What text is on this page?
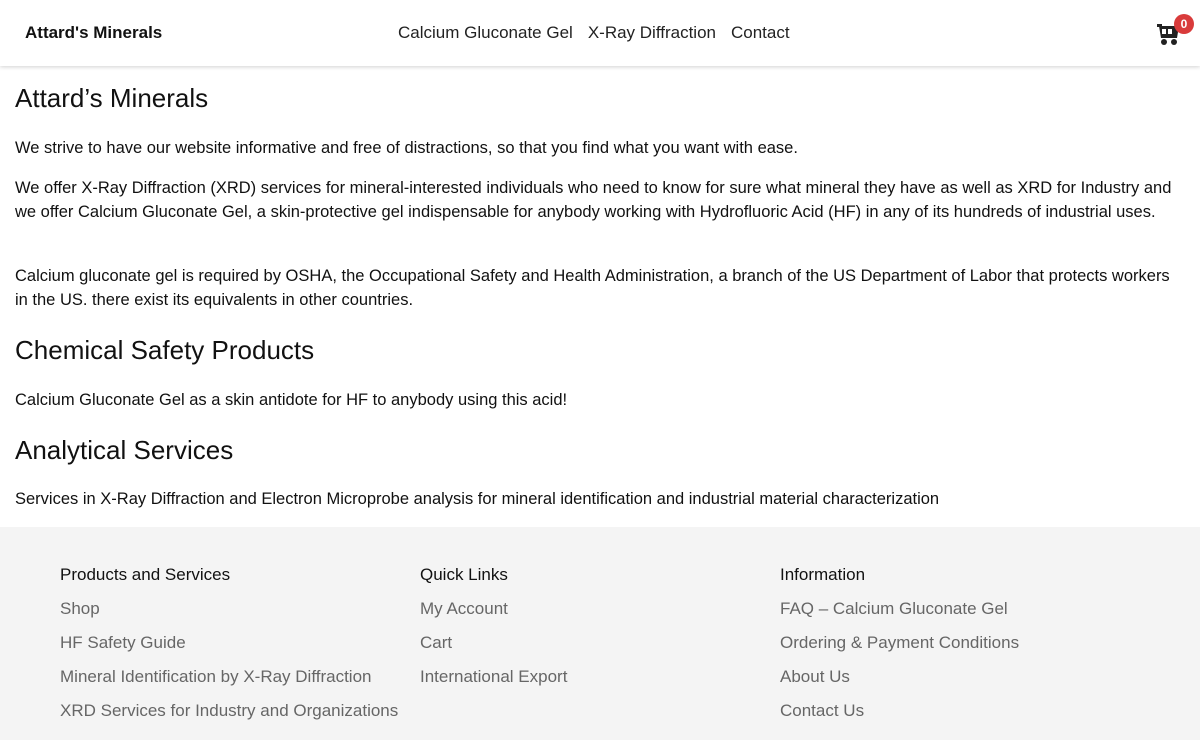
Attard's Minerals	Calcium Gluconate Gel X-Ray Diffraction Contact	0
Attard’s Minerals

We strive to have our website informative and free of distractions, so that you find what you want with ease.

We offer X-Ray Diffraction (XRD) services for mineral-interested individuals who need to know for sure what mineral they have as well as XRD for Industry and we offer Calcium Gluconate Gel, a skin-protective gel indispensable for anybody working with Hydrofluoric Acid (HF) in any of its hundreds of industrial uses.

Calcium gluconate gel is required by OSHA, the Occupational Safety and Health Administration, a branch of the US Department of Labor that protects workers in the US. there exist its equivalents in other countries.

Chemical Safety Products

Calcium Gluconate Gel as a skin antidote for HF to anybody using this acid!

Analytical Services

Services in X-Ray Diffraction and Electron Microprobe analysis for mineral identification and industrial material characterization

Products and Services
Shop
HF Safety Guide
Mineral Identification by X-Ray Diffraction
XRD Services for Industry and Organizations
Quick Links
My Account
Cart
International Export
Information
FAQ – Calcium Gluconate Gel
Ordering & Payment Conditions
About Us
Contact Us
